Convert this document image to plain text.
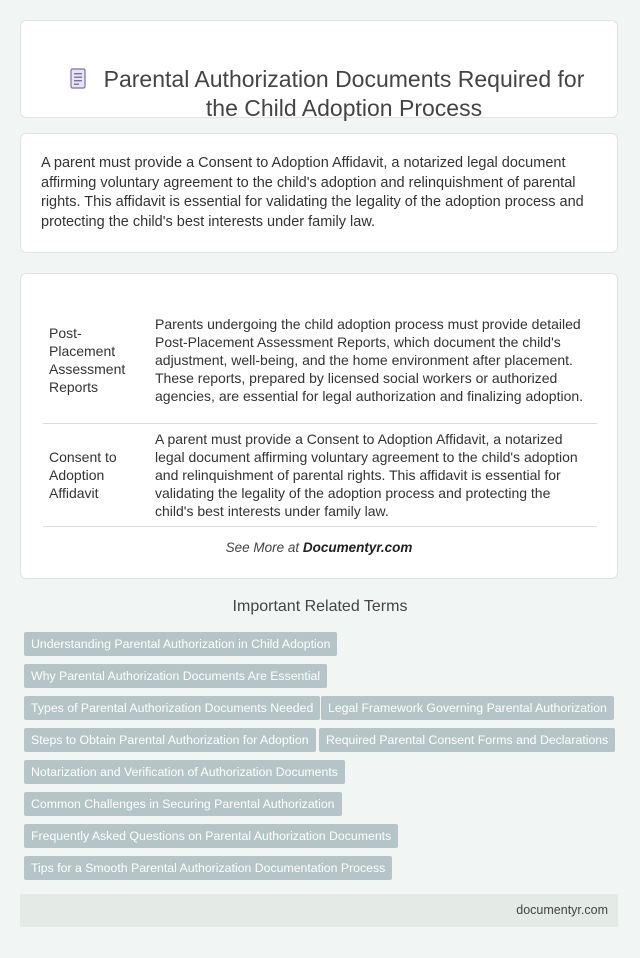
Parental Authorization Documents Required for the Child Adoption Process
A parent must provide a Consent to Adoption Affidavit, a notarized legal document affirming voluntary agreement to the child's adoption and relinquishment of parental rights. This affidavit is essential for validating the legality of the adoption process and protecting the child's best interests under family law.
Post-Placement Assessment Reports	Parents undergoing the child adoption process must provide detailed Post-Placement Assessment Reports, which document the child's adjustment, well-being, and the home environment after placement. These reports, prepared by licensed social workers or authorized agencies, are essential for legal authorization and finalizing adoption.
Consent to Adoption Affidavit	A parent must provide a Consent to Adoption Affidavit, a notarized legal document affirming voluntary agreement to the child's adoption and relinquishment of parental rights. This affidavit is essential for validating the legality of the adoption process and protecting the child's best interests under family law.
See More at Documentyr.com
Important Related Terms
Understanding Parental Authorization in Child Adoption
Why Parental Authorization Documents Are Essential
Types of Parental Authorization Documents Needed	Legal Framework Governing Parental Authorization
Steps to Obtain Parental Authorization for Adoption	Required Parental Consent Forms and Declarations
Notarization and Verification of Authorization Documents
Common Challenges in Securing Parental Authorization
Frequently Asked Questions on Parental Authorization Documents
Tips for a Smooth Parental Authorization Documentation Process
documentyr.com
